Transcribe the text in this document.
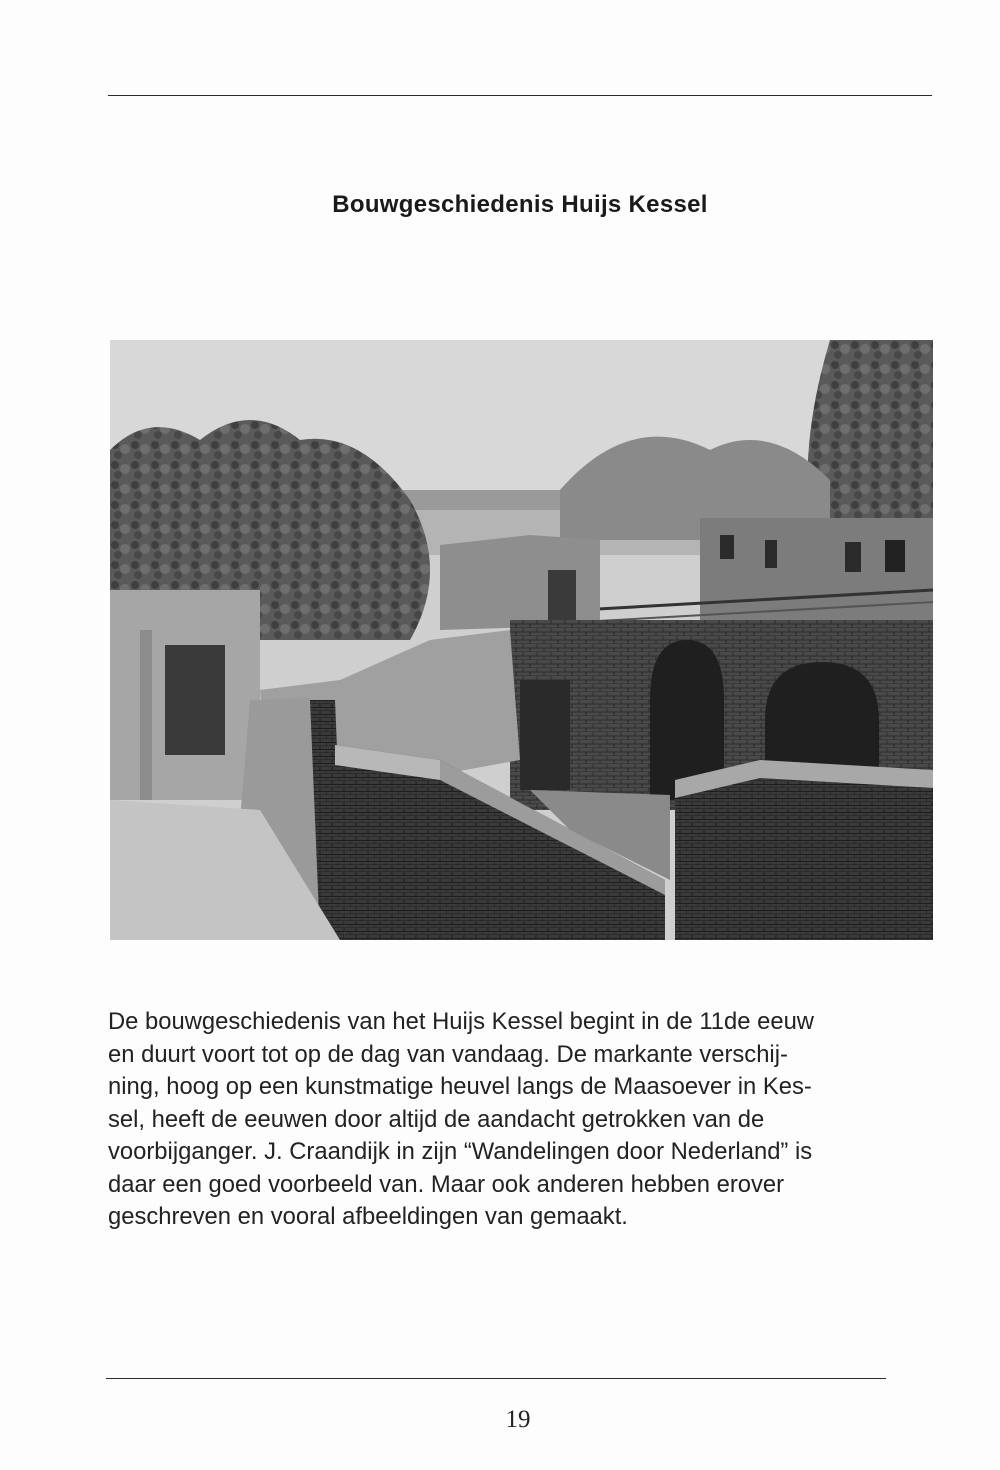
Bouwgeschiedenis Huijs Kessel
De bouwgeschiedenis van het Huijs Kessel begint in de 11de eeuw
en duurt voort tot op de dag van vandaag. De markante verschij-
ning, hoog op een kunstmatige heuvel langs de Maasoever in Kes-
sel, heeft de eeuwen door altijd de aandacht getrokken van de
voorbijganger. J. Craandijk in zijn “Wandelingen door Nederland” is
daar een goed voorbeeld van. Maar ook anderen hebben erover
geschreven en vooral afbeeldingen van gemaakt.
19
